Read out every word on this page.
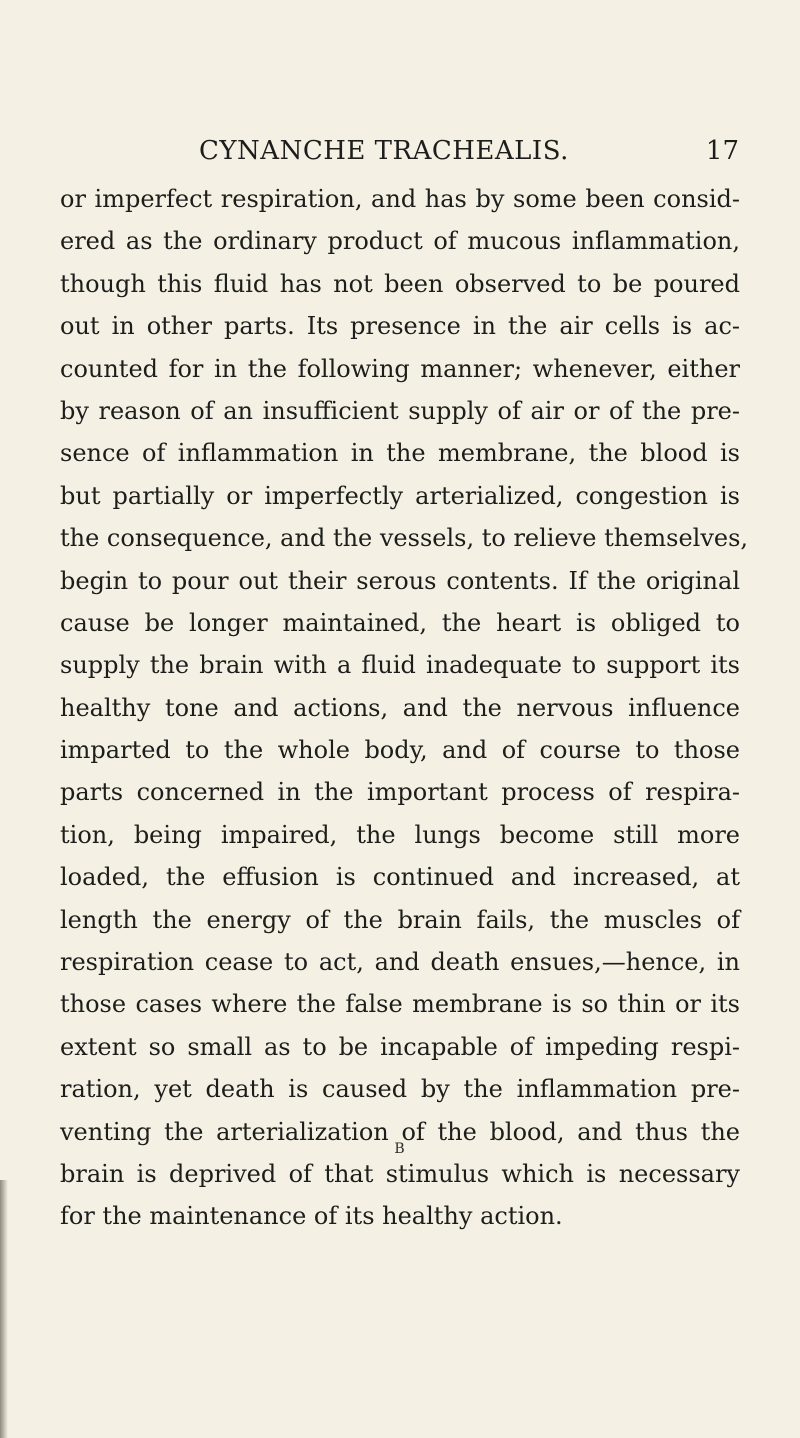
CYNANCHE TRACHEALIS.	17
or imperfect respiration, and has by some been consid-
ered as the ordinary product of mucous inflammation,
though this fluid has not been observed to be poured
out in other parts. Its presence in the air cells is ac-
counted for in the following manner; whenever, either
by reason of an insufficient supply of air or of the pre-
sence of inflammation in the membrane, the blood is
but partially or imperfectly arterialized, congestion is
the consequence, and the vessels, to relieve themselves,
begin to pour out their serous contents. If the original
cause be longer maintained, the heart is obliged to
supply the brain with a fluid inadequate to support its
healthy tone and actions, and the nervous influence
imparted to the whole body, and of course to those
parts concerned in the important process of respira-
tion, being impaired, the lungs become still more
loaded, the effusion is continued and increased, at
length the energy of the brain fails, the muscles of
respiration cease to act, and death ensues,—hence, in
those cases where the false membrane is so thin or its
extent so small as to be incapable of impeding respi-
ration, yet death is caused by the inflammation pre-
venting the arterialization of the blood, and thus the
brain is deprived of that stimulus which is necessary
for the maintenance of its healthy action.
B
